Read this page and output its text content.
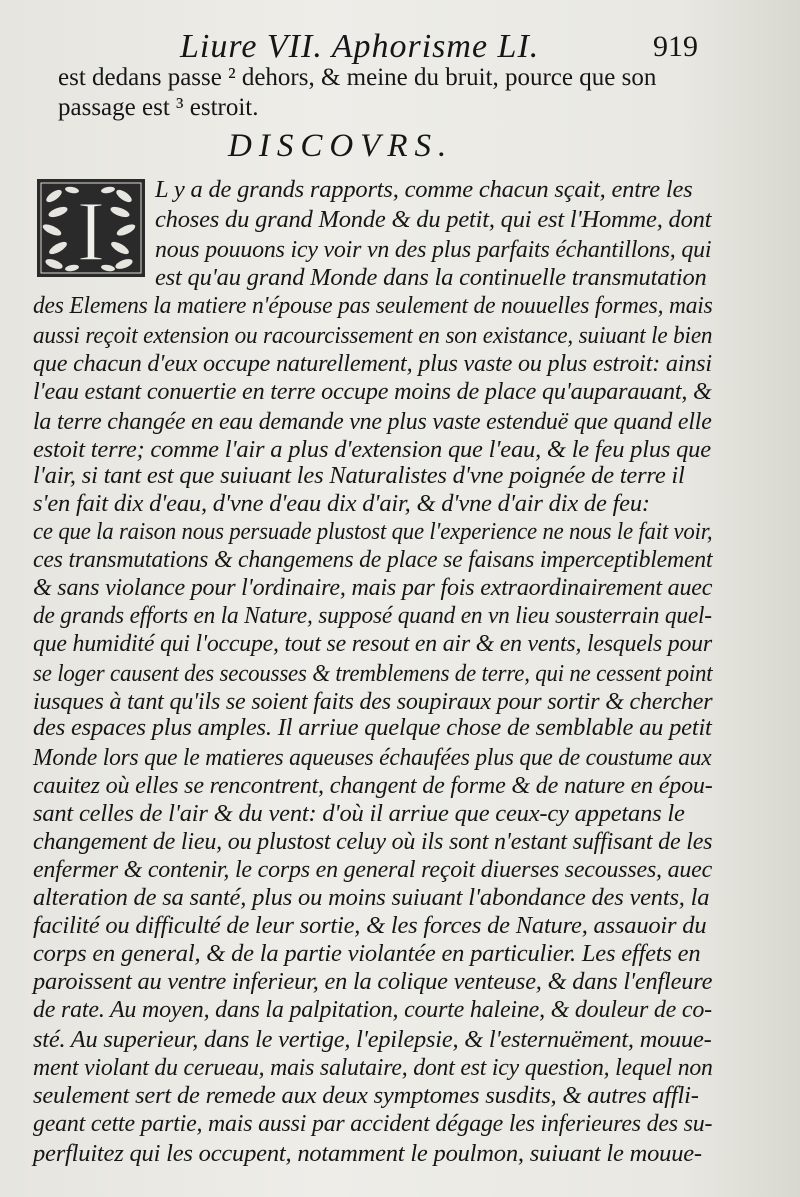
Liure VII. Aphorisme LI.	919
est dedans passe ² dehors, & meine du bruit, pource que son
passage est ³ estroit.
DISCOVRS.
I L y a de grands rapports, comme chacun sçait, entre les
choses du grand Monde & du petit, qui est l'Homme, dont
nous pouuons icy voir vn des plus parfaits échantillons, qui
est qu'au grand Monde dans la continuelle transmutation
des Elemens la matiere n'épouse pas seulement de nouuelles formes, mais
aussi reçoit extension ou racourcissement en son existance, suiuant le bien
que chacun d'eux occupe naturellement, plus vaste ou plus estroit: ainsi
l'eau estant conuertie en terre occupe moins de place qu'auparauant, &
la terre changée en eau demande vne plus vaste estenduë que quand elle
estoit terre; comme l'air a plus d'extension que l'eau, & le feu plus que
l'air, si tant est que suiuant les Naturalistes d'vne poignée de terre il
s'en fait dix d'eau, d'vne d'eau dix d'air, & d'vne d'air dix de feu:
ce que la raison nous persuade plustost que l'experience ne nous le fait voir,
ces transmutations & changemens de place se faisans imperceptiblement
& sans violance pour l'ordinaire, mais par fois extraordinairement auec
de grands efforts en la Nature, supposé quand en vn lieu sousterrain quel-
que humidité qui l'occupe, tout se resout en air & en vents, lesquels pour
se loger causent des secousses & tremblemens de terre, qui ne cessent point
iusques à tant qu'ils se soient faits des soupiraux pour sortir & chercher
des espaces plus amples. Il arriue quelque chose de semblable au petit
Monde lors que le matieres aqueuses échaufées plus que de coustume aux
cauitez où elles se rencontrent, changent de forme & de nature en épou-
sant celles de l'air & du vent: d'où il arriue que ceux-cy appetans le
changement de lieu, ou plustost celuy où ils sont n'estant suffisant de les
enfermer & contenir, le corps en general reçoit diuerses secousses, auec
alteration de sa santé, plus ou moins suiuant l'abondance des vents, la
facilité ou difficulté de leur sortie, & les forces de Nature, assauoir du
corps en general, & de la partie violantée en particulier. Les effets en
paroissent au ventre inferieur, en la colique venteuse, & dans l'enfleure
de rate. Au moyen, dans la palpitation, courte haleine, & douleur de co-
sté. Au superieur, dans le vertige, l'epilepsie, & l'esternuëment, mouue-
ment violant du cerueau, mais salutaire, dont est icy question, lequel non
seulement sert de remede aux deux symptomes susdits, & autres affli-
geant cette partie, mais aussi par accident dégage les inferieures des su-
perfluitez qui les occupent, notamment le poulmon, suiuant le mouue-
